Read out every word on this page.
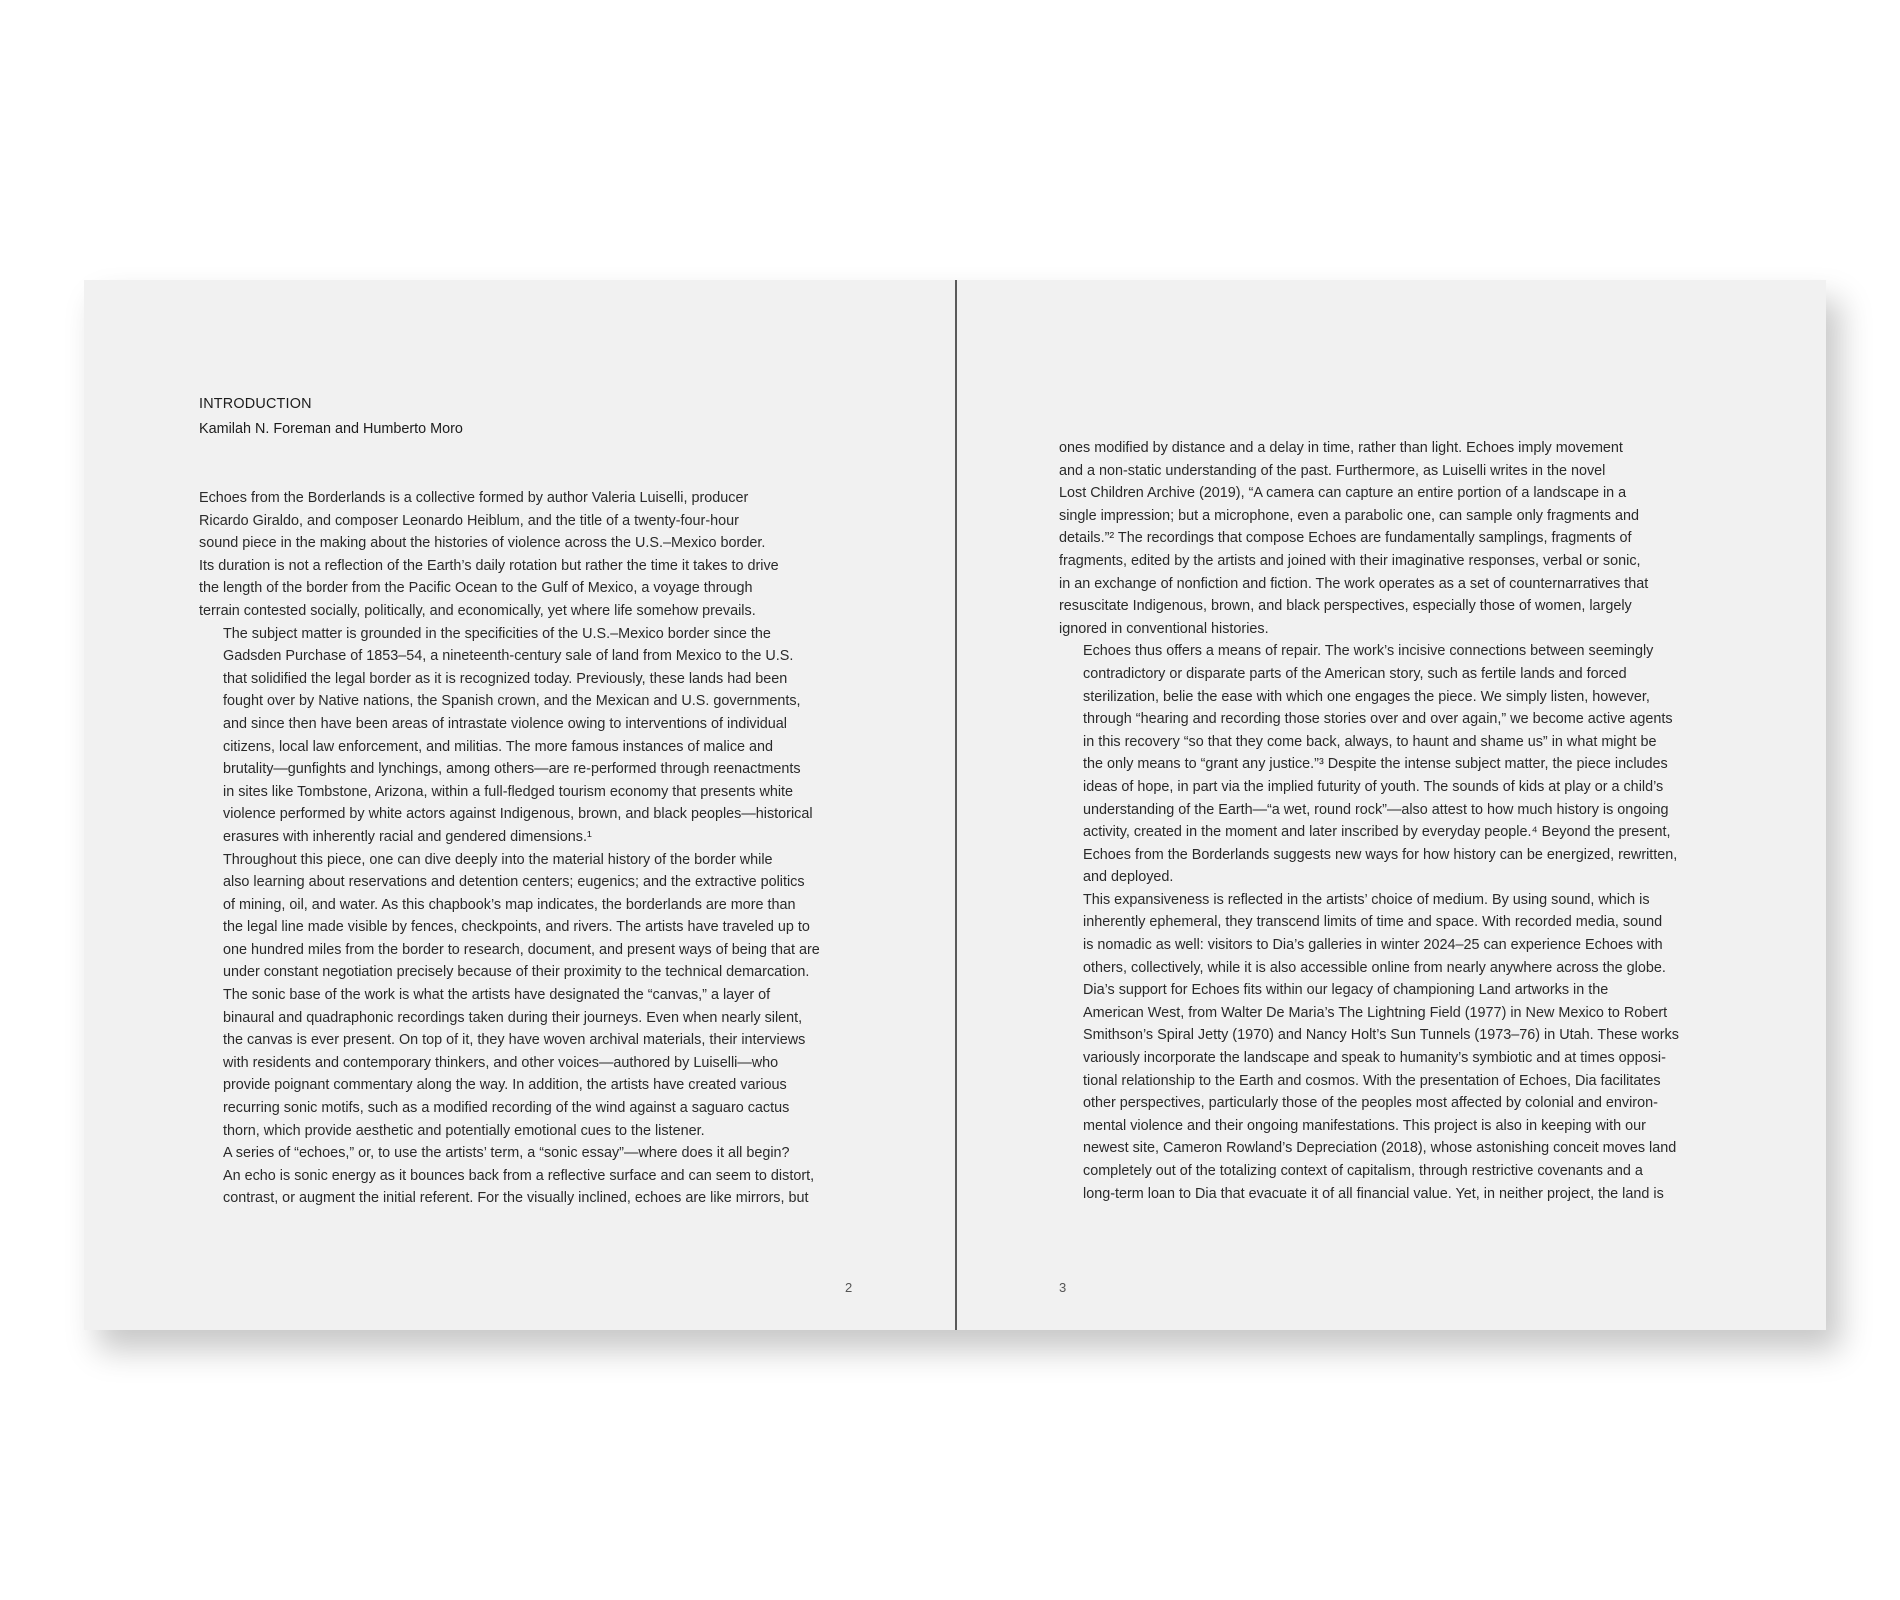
INTRODUCTION
Kamilah N. Foreman and Humberto Moro

Echoes from the Borderlands is a collective formed by author Valeria Luiselli, producer
Ricardo Giraldo, and composer Leonardo Heiblum, and the title of a twenty-four-hour
sound piece in the making about the histories of violence across the U.S.–Mexico border.
Its duration is not a reflection of the Earth’s daily rotation but rather the time it takes to drive
the length of the border from the Pacific Ocean to the Gulf of Mexico, a voyage through
terrain contested socially, politically, and economically, yet where life somehow prevails.

The subject matter is grounded in the specificities of the U.S.–Mexico border since the
Gadsden Purchase of 1853–54, a nineteenth-century sale of land from Mexico to the U.S.
that solidified the legal border as it is recognized today. Previously, these lands had been
fought over by Native nations, the Spanish crown, and the Mexican and U.S. governments,
and since then have been areas of intrastate violence owing to interventions of individual
citizens, local law enforcement, and militias. The more famous instances of malice and
brutality—gunfights and lynchings, among others—are re-performed through reenactments
in sites like Tombstone, Arizona, within a full-fledged tourism economy that presents white
violence performed by white actors against Indigenous, brown, and black peoples—historical
erasures with inherently racial and gendered dimensions.¹

Throughout this piece, one can dive deeply into the material history of the border while
also learning about reservations and detention centers; eugenics; and the extractive politics
of mining, oil, and water. As this chapbook’s map indicates, the borderlands are more than
the legal line made visible by fences, checkpoints, and rivers. The artists have traveled up to
one hundred miles from the border to research, document, and present ways of being that are
under constant negotiation precisely because of their proximity to the technical demarcation.

The sonic base of the work is what the artists have designated the “canvas,” a layer of
binaural and quadraphonic recordings taken during their journeys. Even when nearly silent,
the canvas is ever present. On top of it, they have woven archival materials, their interviews
with residents and contemporary thinkers, and other voices—authored by Luiselli—who
provide poignant commentary along the way. In addition, the artists have created various
recurring sonic motifs, such as a modified recording of the wind against a saguaro cactus
thorn, which provide aesthetic and potentially emotional cues to the listener.

A series of “echoes,” or, to use the artists’ term, a “sonic essay”—where does it all begin?
An echo is sonic energy as it bounces back from a reflective surface and can seem to distort,
contrast, or augment the initial referent. For the visually inclined, echoes are like mirrors, but

2

ones modified by distance and a delay in time, rather than light. Echoes imply movement
and a non-static understanding of the past. Furthermore, as Luiselli writes in the novel
Lost Children Archive (2019), “A camera can capture an entire portion of a landscape in a
single impression; but a microphone, even a parabolic one, can sample only fragments and
details.”² The recordings that compose Echoes are fundamentally samplings, fragments of
fragments, edited by the artists and joined with their imaginative responses, verbal or sonic,
in an exchange of nonfiction and fiction. The work operates as a set of counternarratives that
resuscitate Indigenous, brown, and black perspectives, especially those of women, largely
ignored in conventional histories.

Echoes thus offers a means of repair. The work’s incisive connections between seemingly
contradictory or disparate parts of the American story, such as fertile lands and forced
sterilization, belie the ease with which one engages the piece. We simply listen, however,
through “hearing and recording those stories over and over again,” we become active agents
in this recovery “so that they come back, always, to haunt and shame us” in what might be
the only means to “grant any justice.”³ Despite the intense subject matter, the piece includes
ideas of hope, in part via the implied futurity of youth. The sounds of kids at play or a child’s
understanding of the Earth—“a wet, round rock”—also attest to how much history is ongoing
activity, created in the moment and later inscribed by everyday people.⁴ Beyond the present,
Echoes from the Borderlands suggests new ways for how history can be energized, rewritten,
and deployed.

This expansiveness is reflected in the artists’ choice of medium. By using sound, which is
inherently ephemeral, they transcend limits of time and space. With recorded media, sound
is nomadic as well: visitors to Dia’s galleries in winter 2024–25 can experience Echoes with
others, collectively, while it is also accessible online from nearly anywhere across the globe.

Dia’s support for Echoes fits within our legacy of championing Land artworks in the
American West, from Walter De Maria’s The Lightning Field (1977) in New Mexico to Robert
Smithson’s Spiral Jetty (1970) and Nancy Holt’s Sun Tunnels (1973–76) in Utah. These works
variously incorporate the landscape and speak to humanity’s symbiotic and at times opposi-
tional relationship to the Earth and cosmos. With the presentation of Echoes, Dia facilitates
other perspectives, particularly those of the peoples most affected by colonial and environ-
mental violence and their ongoing manifestations. This project is also in keeping with our
newest site, Cameron Rowland’s Depreciation (2018), whose astonishing conceit moves land
completely out of the totalizing context of capitalism, through restrictive covenants and a
long-term loan to Dia that evacuate it of all financial value. Yet, in neither project, the land is

3
